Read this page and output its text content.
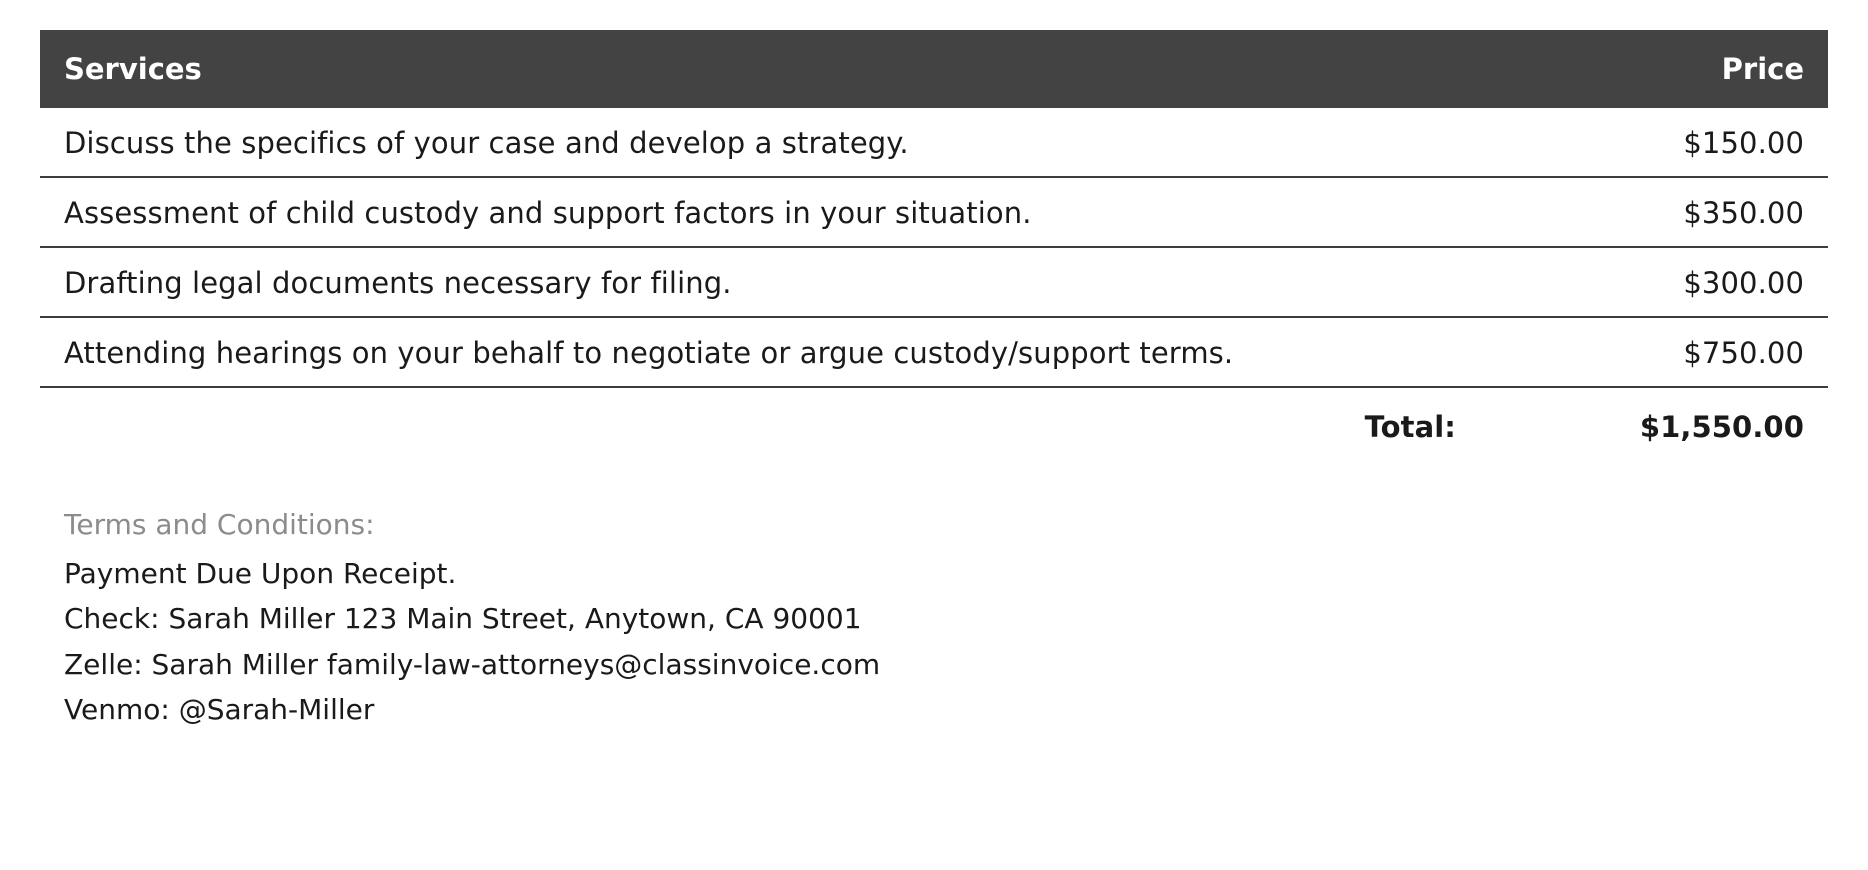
Services	Price
Discuss the specifics of your case and develop a strategy.	$150.00
Assessment of child custody and support factors in your situation.	$350.00
Drafting legal documents necessary for filing.	$300.00
Attending hearings on your behalf to negotiate or argue custody/support terms.	$750.00
Total:	$1,550.00
Terms and Conditions:
Payment Due Upon Receipt.
Check: Sarah Miller 123 Main Street, Anytown, CA 90001
Zelle: Sarah Miller family-law-attorneys@classinvoice.com
Venmo: @Sarah-Miller
